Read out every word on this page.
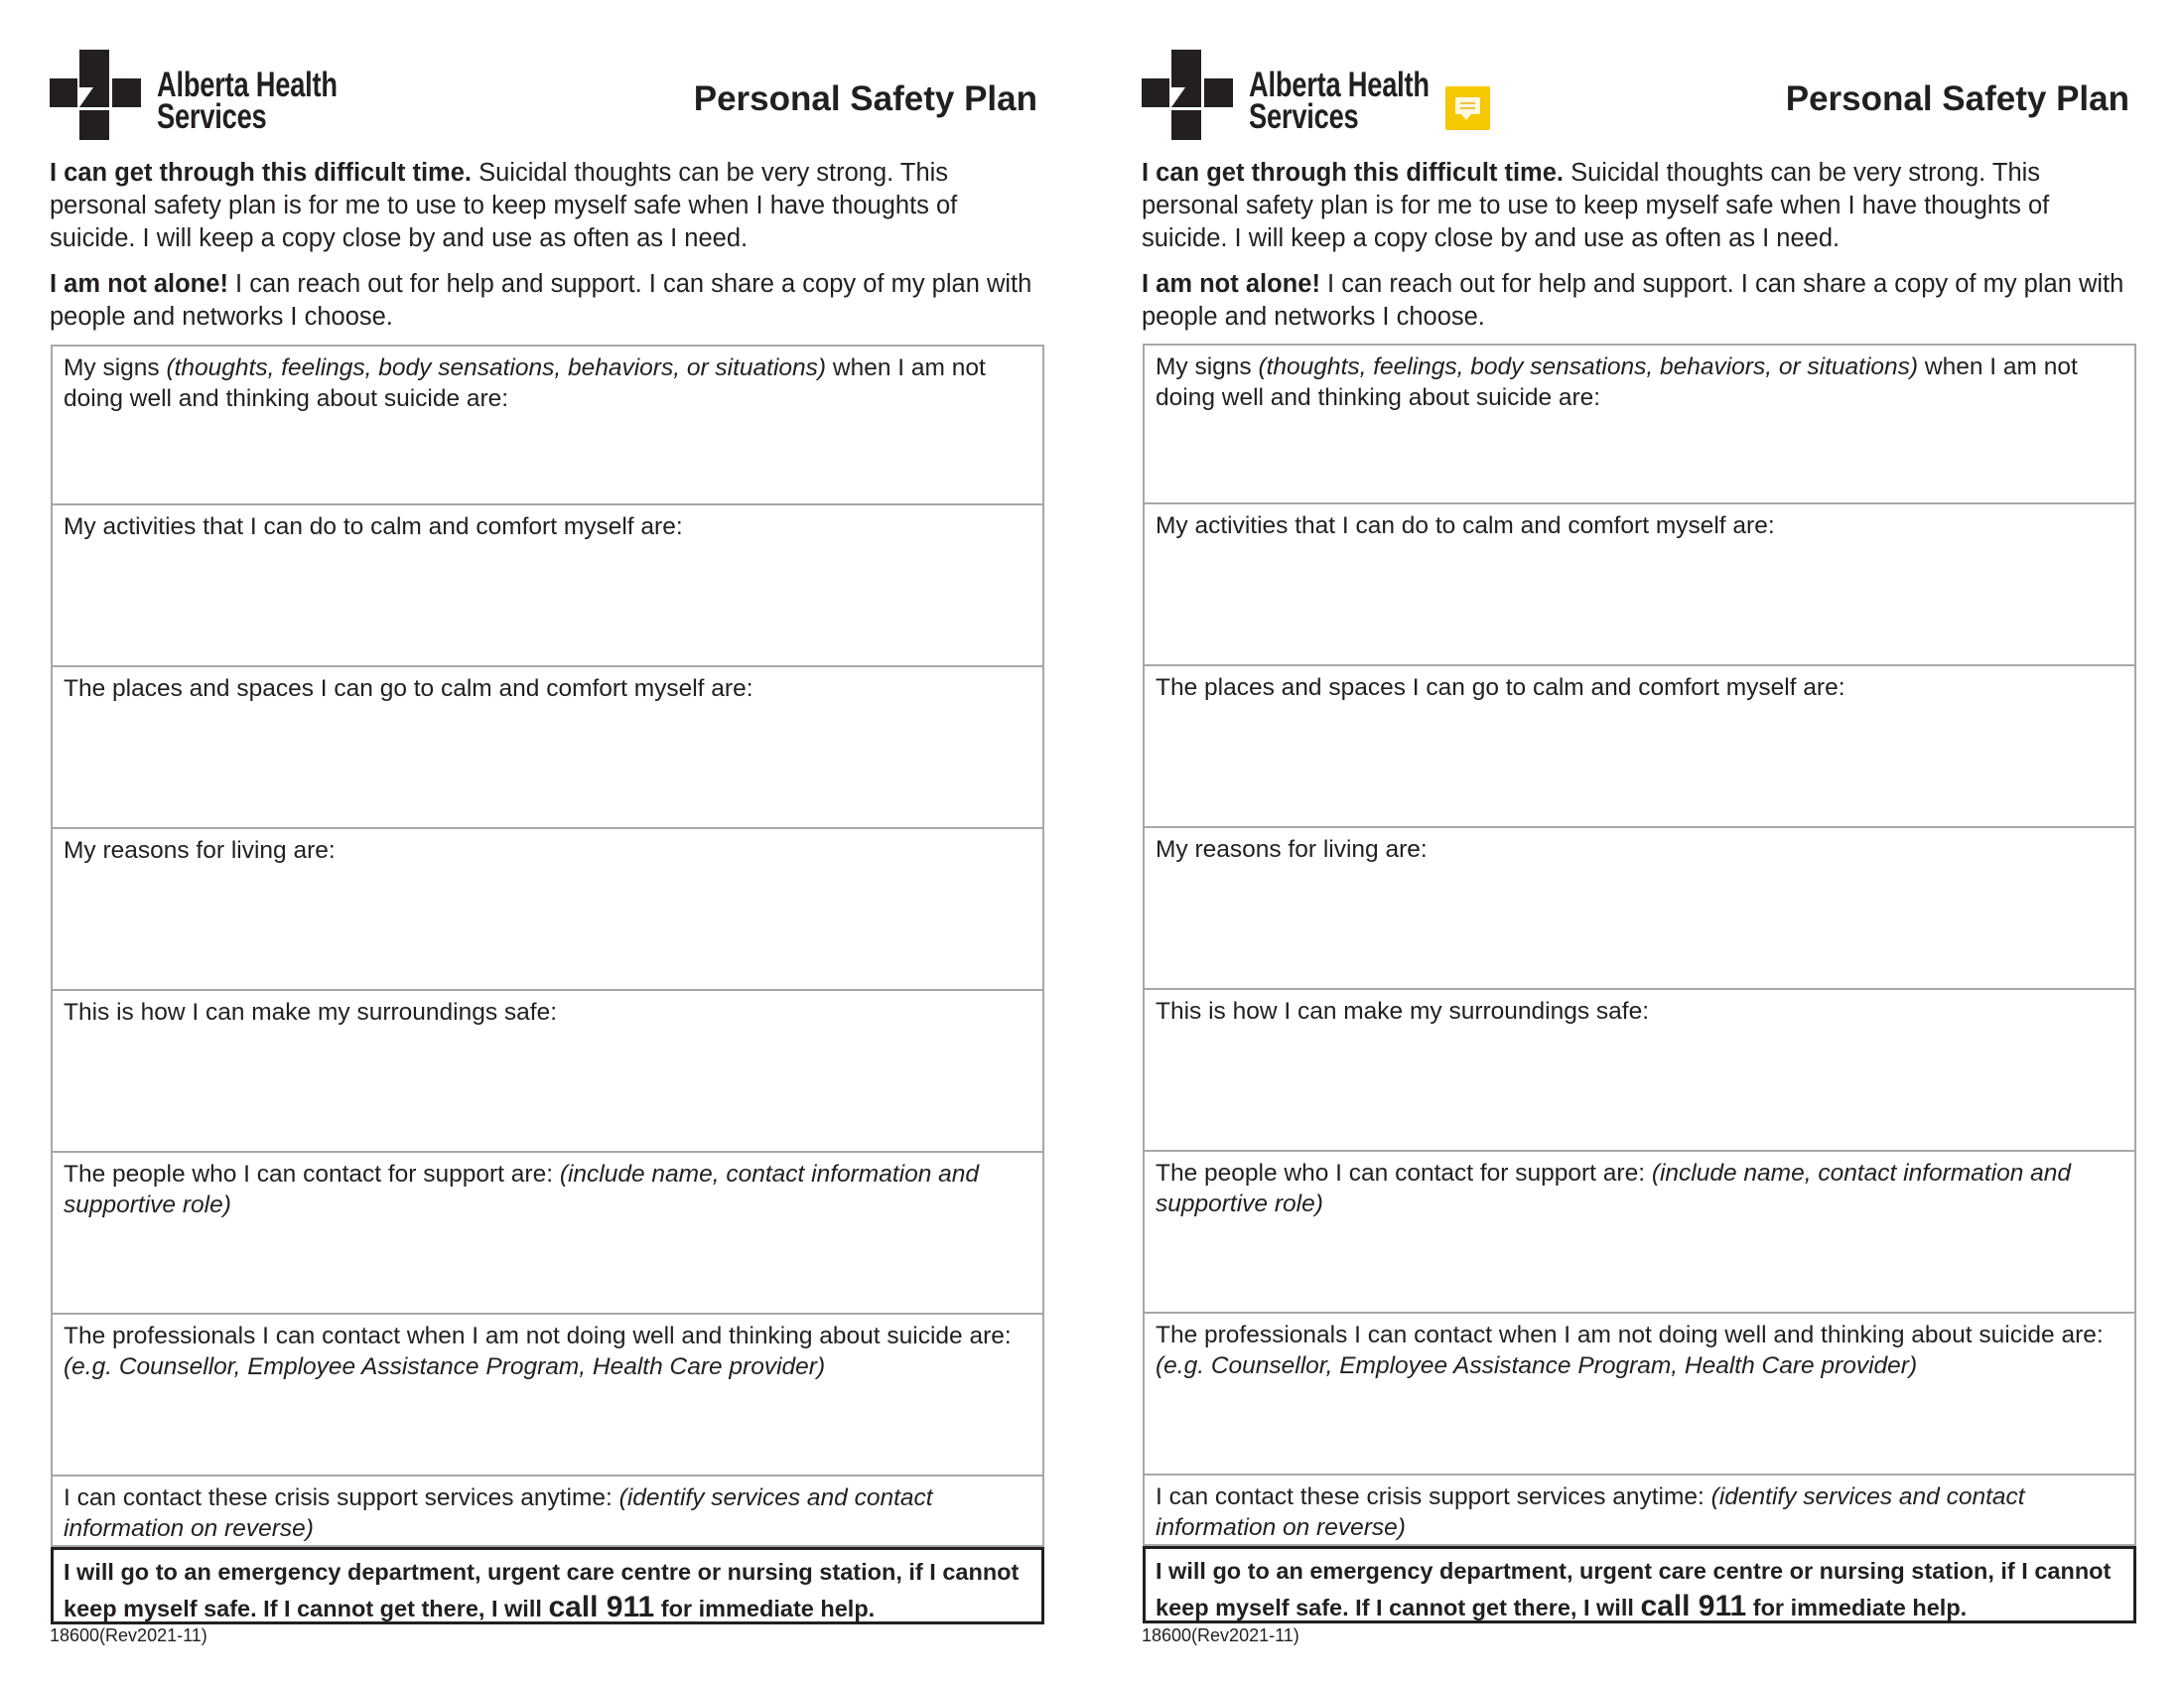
Alberta Health
Services	Personal Safety Plan

I can get through this difficult time. Suicidal thoughts can be very strong. This personal safety plan is for me to use to keep myself safe when I have thoughts of suicide. I will keep a copy close by and use as often as I need.

I am not alone! I can reach out for help and support. I can share a copy of my plan with people and networks I choose.

My signs (thoughts, feelings, body sensations, behaviors, or situations) when I am not doing well and thinking about suicide are:
My activities that I can do to calm and comfort myself are:
The places and spaces I can go to calm and comfort myself are:
My reasons for living are:
This is how I can make my surroundings safe:
The people who I can contact for support are: (include name, contact information and supportive role)
The professionals I can contact when I am not doing well and thinking about suicide are: (e.g. Counsellor, Employee Assistance Program, Health Care provider)
I can contact these crisis support services anytime: (identify services and contact information on reverse)
I will go to an emergency department, urgent care centre or nursing station, if I cannot keep myself safe. If I cannot get there, I will call 911 for immediate help.
18600(Rev2021-11)
Alberta Health
Services	Personal Safety Plan

I can get through this difficult time. Suicidal thoughts can be very strong. This personal safety plan is for me to use to keep myself safe when I have thoughts of suicide. I will keep a copy close by and use as often as I need.

I am not alone! I can reach out for help and support. I can share a copy of my plan with people and networks I choose.

My signs (thoughts, feelings, body sensations, behaviors, or situations) when I am not doing well and thinking about suicide are:
My activities that I can do to calm and comfort myself are:
The places and spaces I can go to calm and comfort myself are:
My reasons for living are:
This is how I can make my surroundings safe:
The people who I can contact for support are: (include name, contact information and supportive role)
The professionals I can contact when I am not doing well and thinking about suicide are: (e.g. Counsellor, Employee Assistance Program, Health Care provider)
I can contact these crisis support services anytime: (identify services and contact information on reverse)
I will go to an emergency department, urgent care centre or nursing station, if I cannot keep myself safe. If I cannot get there, I will call 911 for immediate help.
18600(Rev2021-11)
